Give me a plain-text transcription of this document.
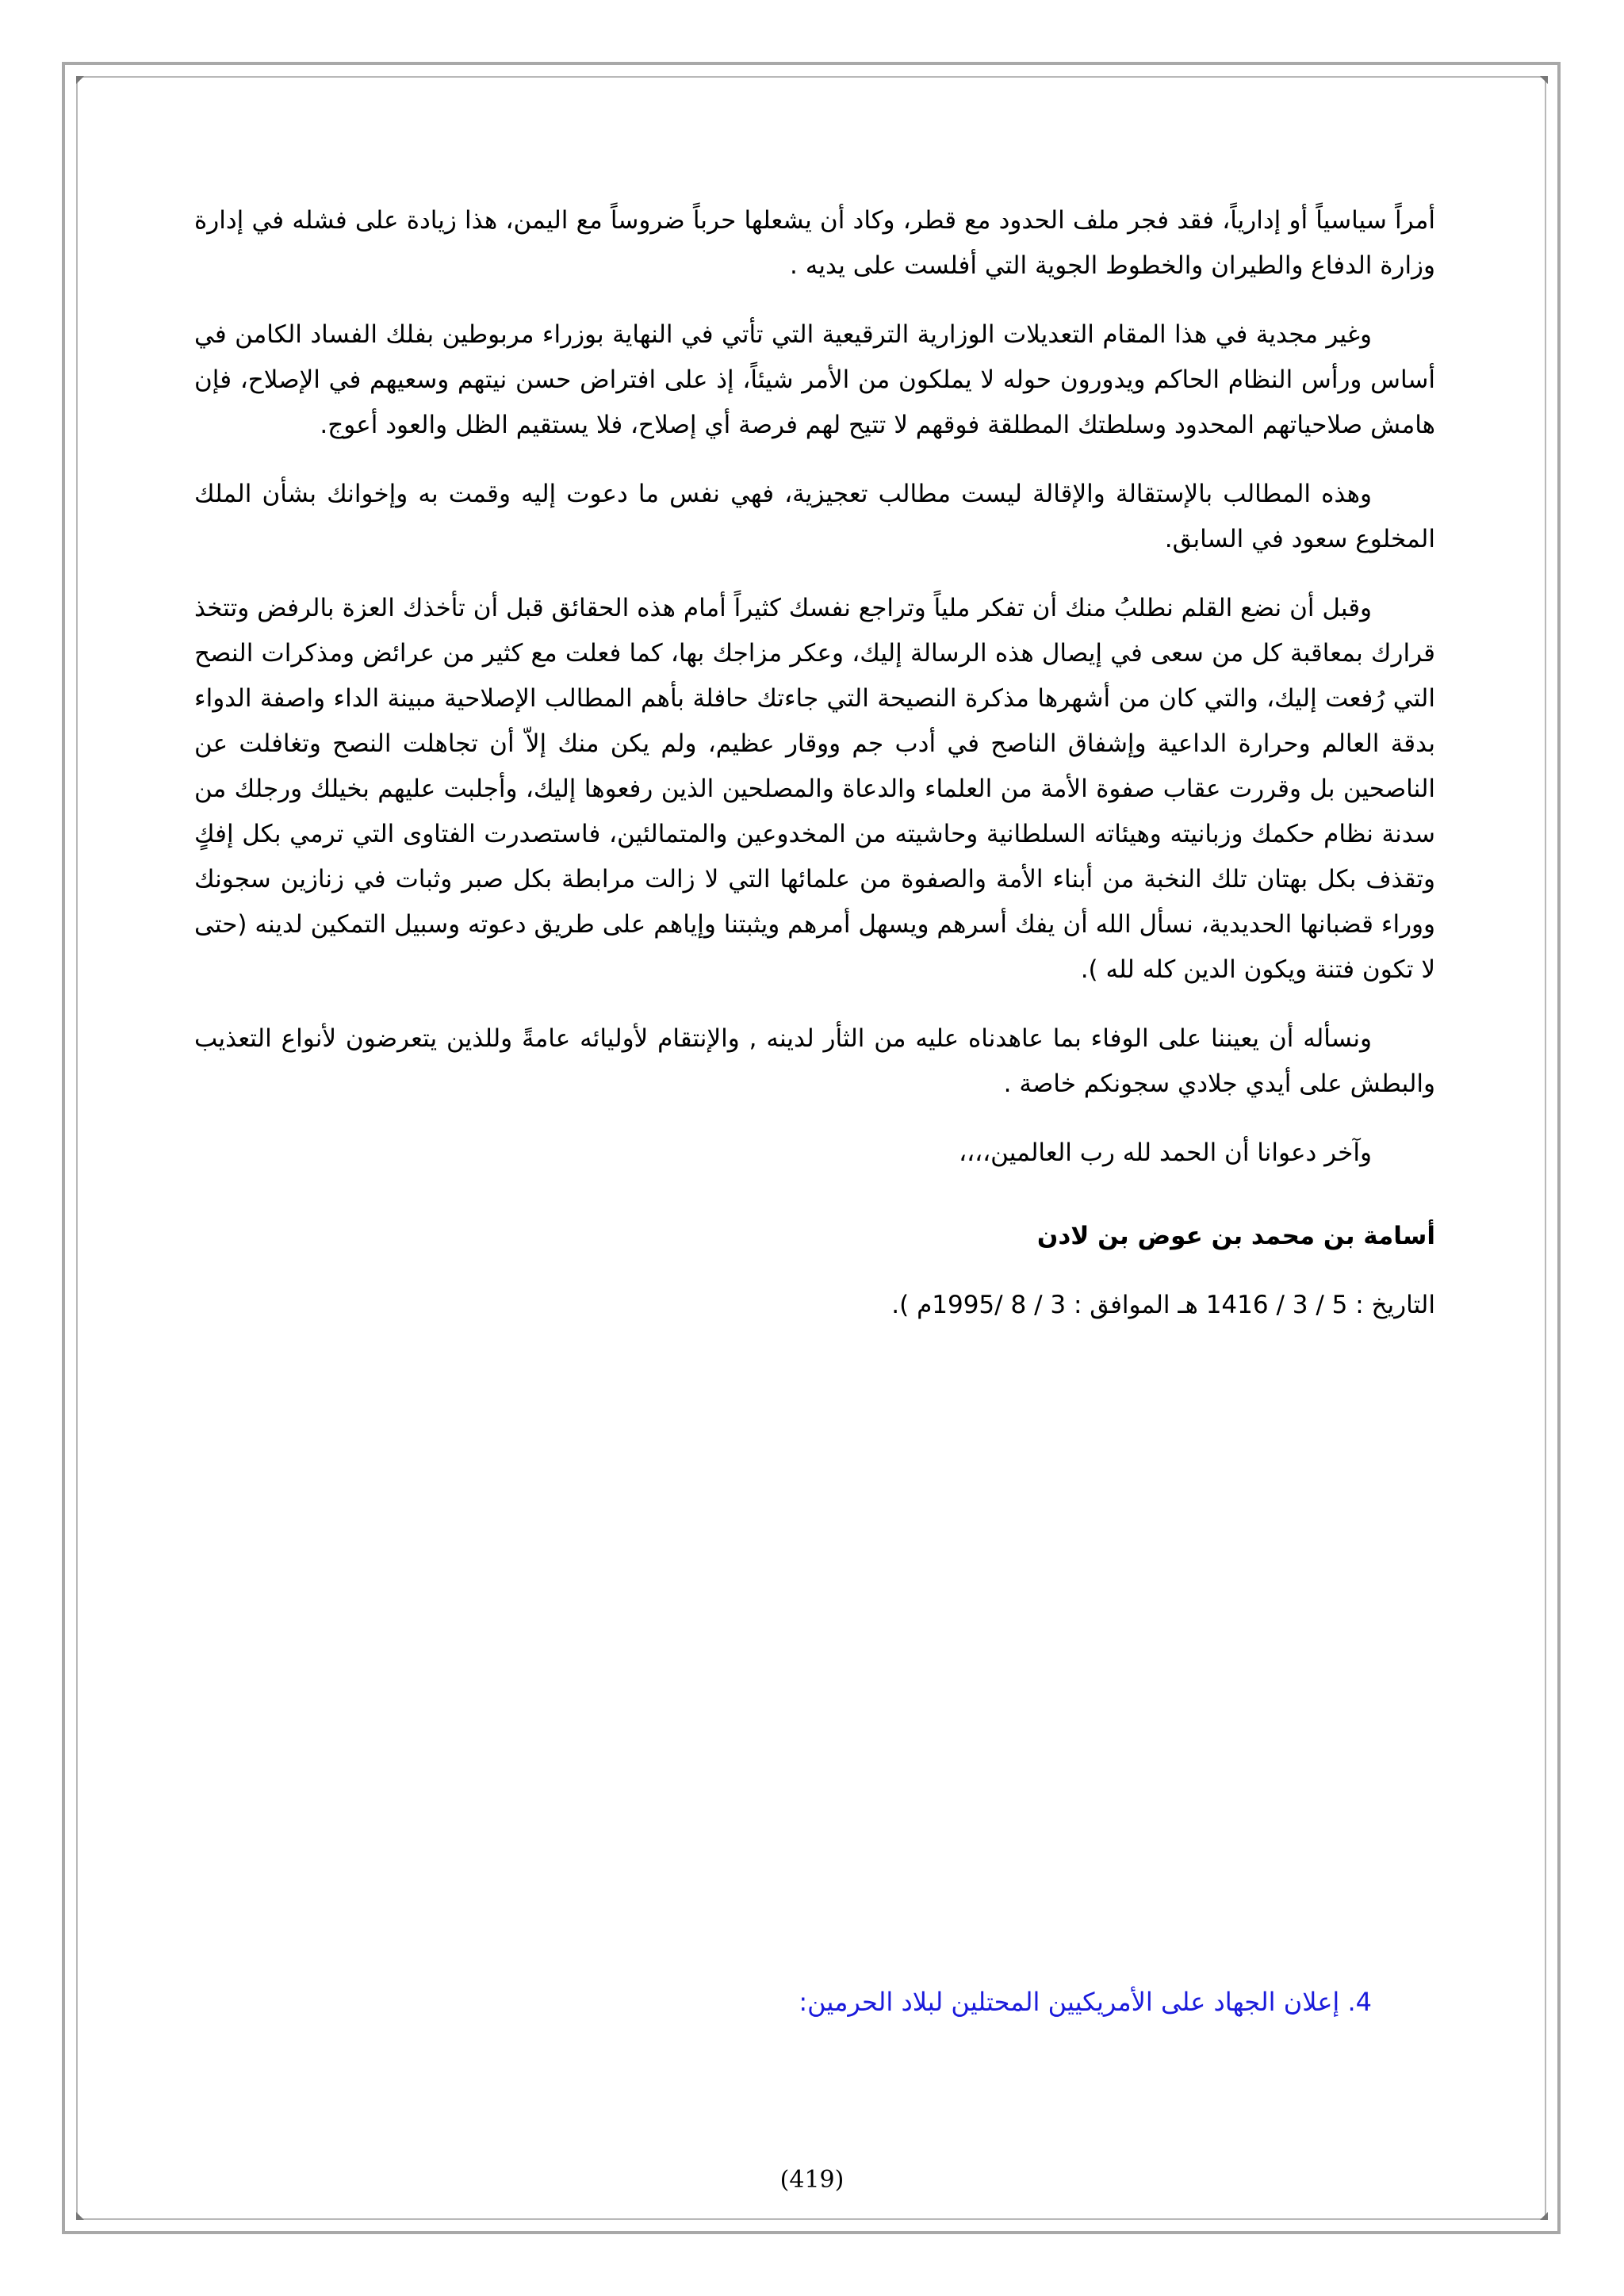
أمراً سياسياً أو إدارياً، فقد فجر ملف الحدود مع قطر، وكاد أن يشعلها حرباً ضروساً مع اليمن، هذا زيادة على فشله في إدارة وزارة الدفاع والطيران والخطوط الجوية التي أفلست على يديه .

وغير مجدية في هذا المقام التعديلات الوزارية الترقيعية التي تأتي في النهاية بوزراء مربوطين بفلك الفساد الكامن في أساس ورأس النظام الحاكم ويدورون حوله لا يملكون من الأمر شيئاً، إذ على افتراض حسن نيتهم وسعيهم في الإصلاح، فإن هامش صلاحياتهم المحدود وسلطتك المطلقة فوقهم لا تتيح لهم فرصة أي إصلاح، فلا يستقيم الظل والعود أعوج.

وهذه المطالب بالإستقالة والإقالة ليست مطالب تعجيزية، فهي نفس ما دعوت إليه وقمت به وإخوانك بشأن الملك المخلوع سعود في السابق.

وقبل أن نضع القلم نطلبُ منك أن تفكر ملياً وتراجع نفسك كثيراً أمام هذه الحقائق قبل أن تأخذك العزة بالرفض وتتخذ قرارك بمعاقبة كل من سعى في إيصال هذه الرسالة إليك، وعكر مزاجك بها، كما فعلت مع كثير من عرائض ومذكرات النصح التي رُفعت إليك، والتي كان من أشهرها مذكرة النصيحة التي جاءتك حافلة بأهم المطالب الإصلاحية مبينة الداء واصفة الدواء بدقة العالم وحرارة الداعية وإشفاق الناصح في أدب جم ووقار عظيم، ولم يكن منك إلاّ أن تجاهلت النصح وتغافلت عن الناصحين بل وقررت عقاب صفوة الأمة من العلماء والدعاة والمصلحين الذين رفعوها إليك، وأجلبت عليهم بخيلك ورجلك من سدنة نظام حكمك وزبانيته وهيئاته السلطانية وحاشيته من المخدوعين والمتمالئين، فاستصدرت الفتاوى التي ترمي بكل إفكٍ وتقذف بكل بهتان تلك النخبة من أبناء الأمة والصفوة من علمائها التي لا زالت مرابطة بكل صبر وثبات في زنازين سجونك ووراء قضبانها الحديدية، نسأل الله أن يفك أسرهم ويسهل أمرهم ويثبتنا وإياهم على طريق دعوته وسبيل التمكين لدينه (حتى لا تكون فتنة ويكون الدين كله لله ).

ونسأله أن يعيننا على الوفاء بما عاهدناه عليه من الثأر لدينه , والإنتقام لأوليائه عامةً وللذين يتعرضون لأنواع التعذيب والبطش على أيدي جلادي سجونكم خاصة .

وآخر دعوانا أن الحمد لله رب العالمين،،،،

أسامة بن محمد بن عوض بن لادن

التاريخ : 5 / 3 / 1416 هـ الموافق : 3 / 8 /1995م ).

4. إعلان الجهاد على الأمريكيين المحتلين لبلاد الحرمين:
(419)
